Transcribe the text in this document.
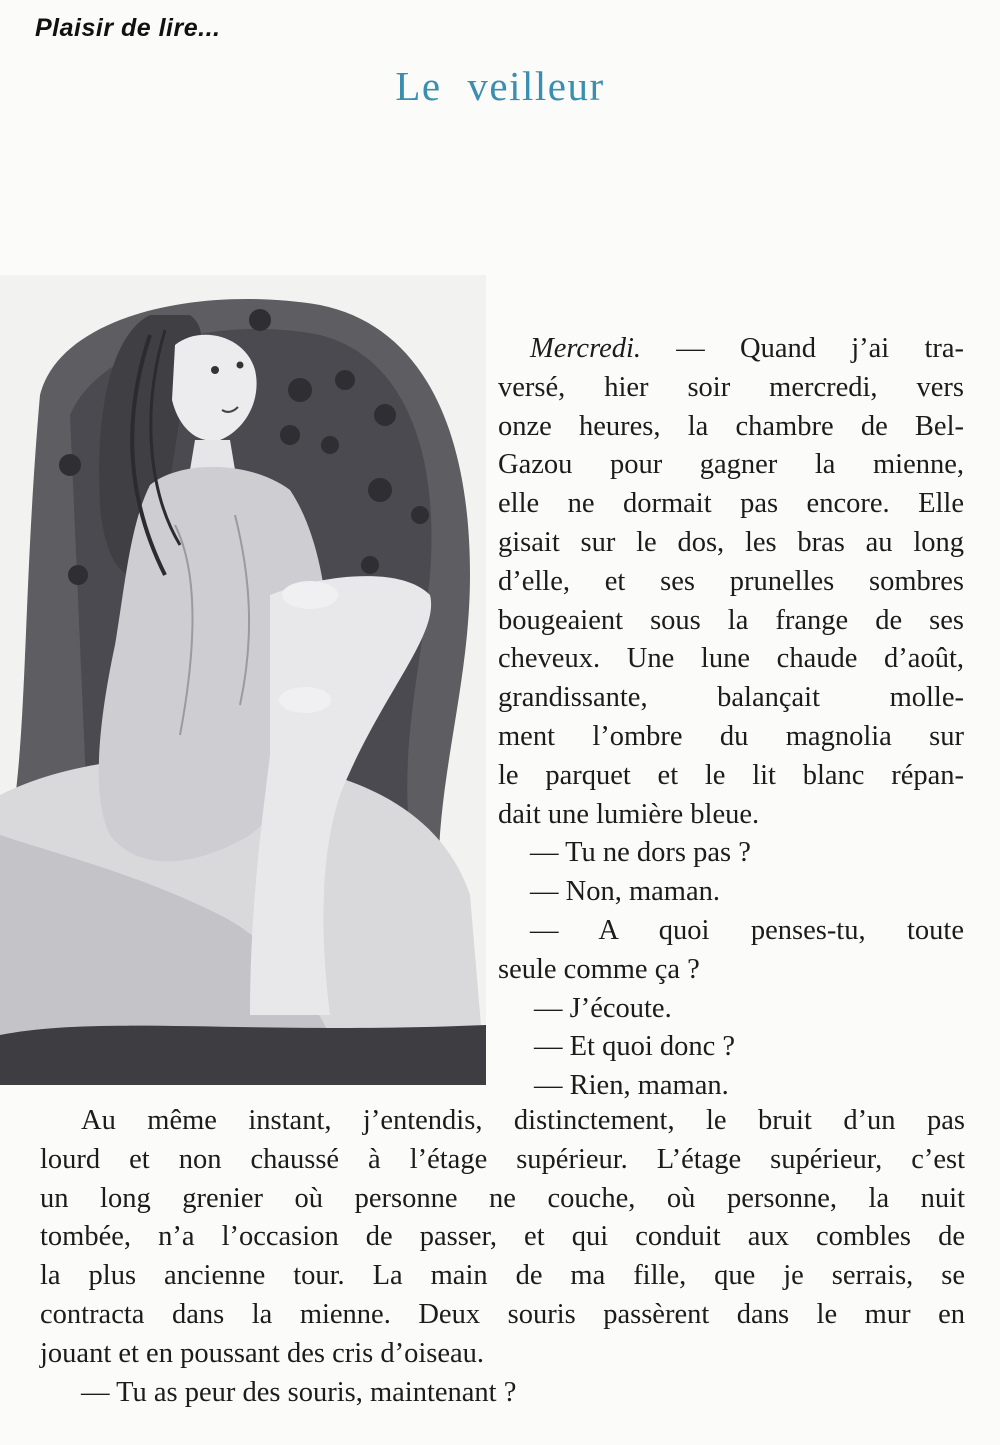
Plaisir de lire...
Le veilleur
Mercredi. — Quand j’ai tra-
versé, hier soir mercredi, vers
onze heures, la chambre de Bel-
Gazou pour gagner la mienne,
elle ne dormait pas encore. Elle
gisait sur le dos, les bras au long
d’elle, et ses prunelles sombres
bougeaient sous la frange de ses
cheveux. Une lune chaude d’août,
grandissante, balançait molle-
ment l’ombre du magnolia sur
le parquet et le lit blanc répan-
dait une lumière bleue.
— Tu ne dors pas ?
— Non, maman.
— A quoi penses-tu, toute
seule comme ça ?
— J’écoute.
— Et quoi donc ?
— Rien, maman.
Au même instant, j’entendis, distinctement, le bruit d’un pas
lourd et non chaussé à l’étage supérieur. L’étage supérieur, c’est
un long grenier où personne ne couche, où personne, la nuit
tombée, n’a l’occasion de passer, et qui conduit aux combles de
la plus ancienne tour. La main de ma fille, que je serrais, se
contracta dans la mienne. Deux souris passèrent dans le mur en
jouant et en poussant des cris d’oiseau.
— Tu as peur des souris, maintenant ?
